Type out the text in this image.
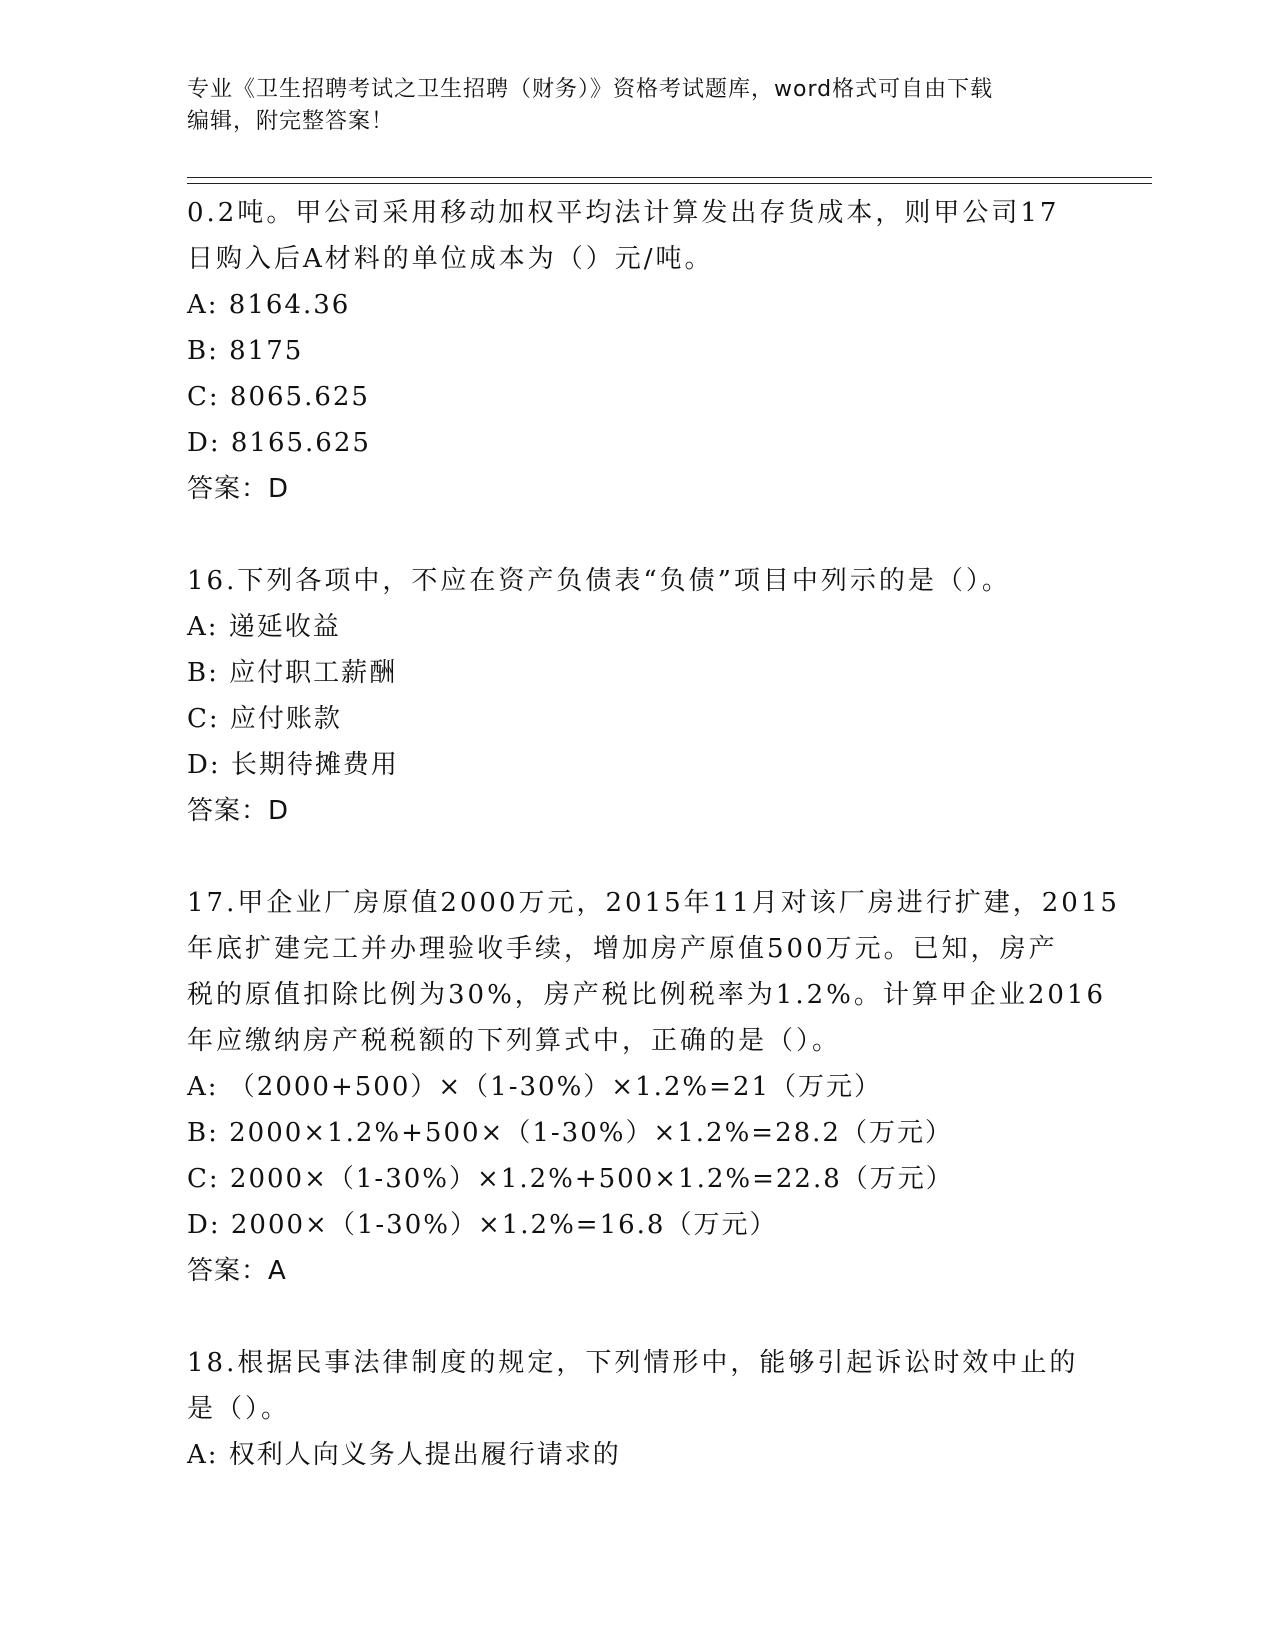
专业《卫生招聘考试之卫生招聘（财务）》资格考试题库，word格式可自由下载
编辑，附完整答案！
0.2吨。甲公司采用移动加权平均法计算发出存货成本，则甲公司17
日购入后A材料的单位成本为（）元/吨。
A: 8164.36
B: 8175
C: 8065.625
D: 8165.625
答案：D
16.下列各项中，不应在资产负债表“负债”项目中列示的是（）。
A: 递延收益
B: 应付职工薪酬
C: 应付账款
D: 长期待摊费用
答案：D
17.甲企业厂房原值2000万元，2015年11月对该厂房进行扩建，2015
年底扩建完工并办理验收手续，增加房产原值500万元。已知，房产
税的原值扣除比例为30%，房产税比例税率为1.2%。计算甲企业2016
年应缴纳房产税税额的下列算式中，正确的是（）。
A: （2000+500）×（1-30%）×1.2%=21（万元）
B: 2000×1.2%+500×（1-30%）×1.2%=28.2（万元）
C: 2000×（1-30%）×1.2%+500×1.2%=22.8（万元）
D: 2000×（1-30%）×1.2%=16.8（万元）
答案：A
18.根据民事法律制度的规定，下列情形中，能够引起诉讼时效中止的
是（）。
A: 权利人向义务人提出履行请求的
